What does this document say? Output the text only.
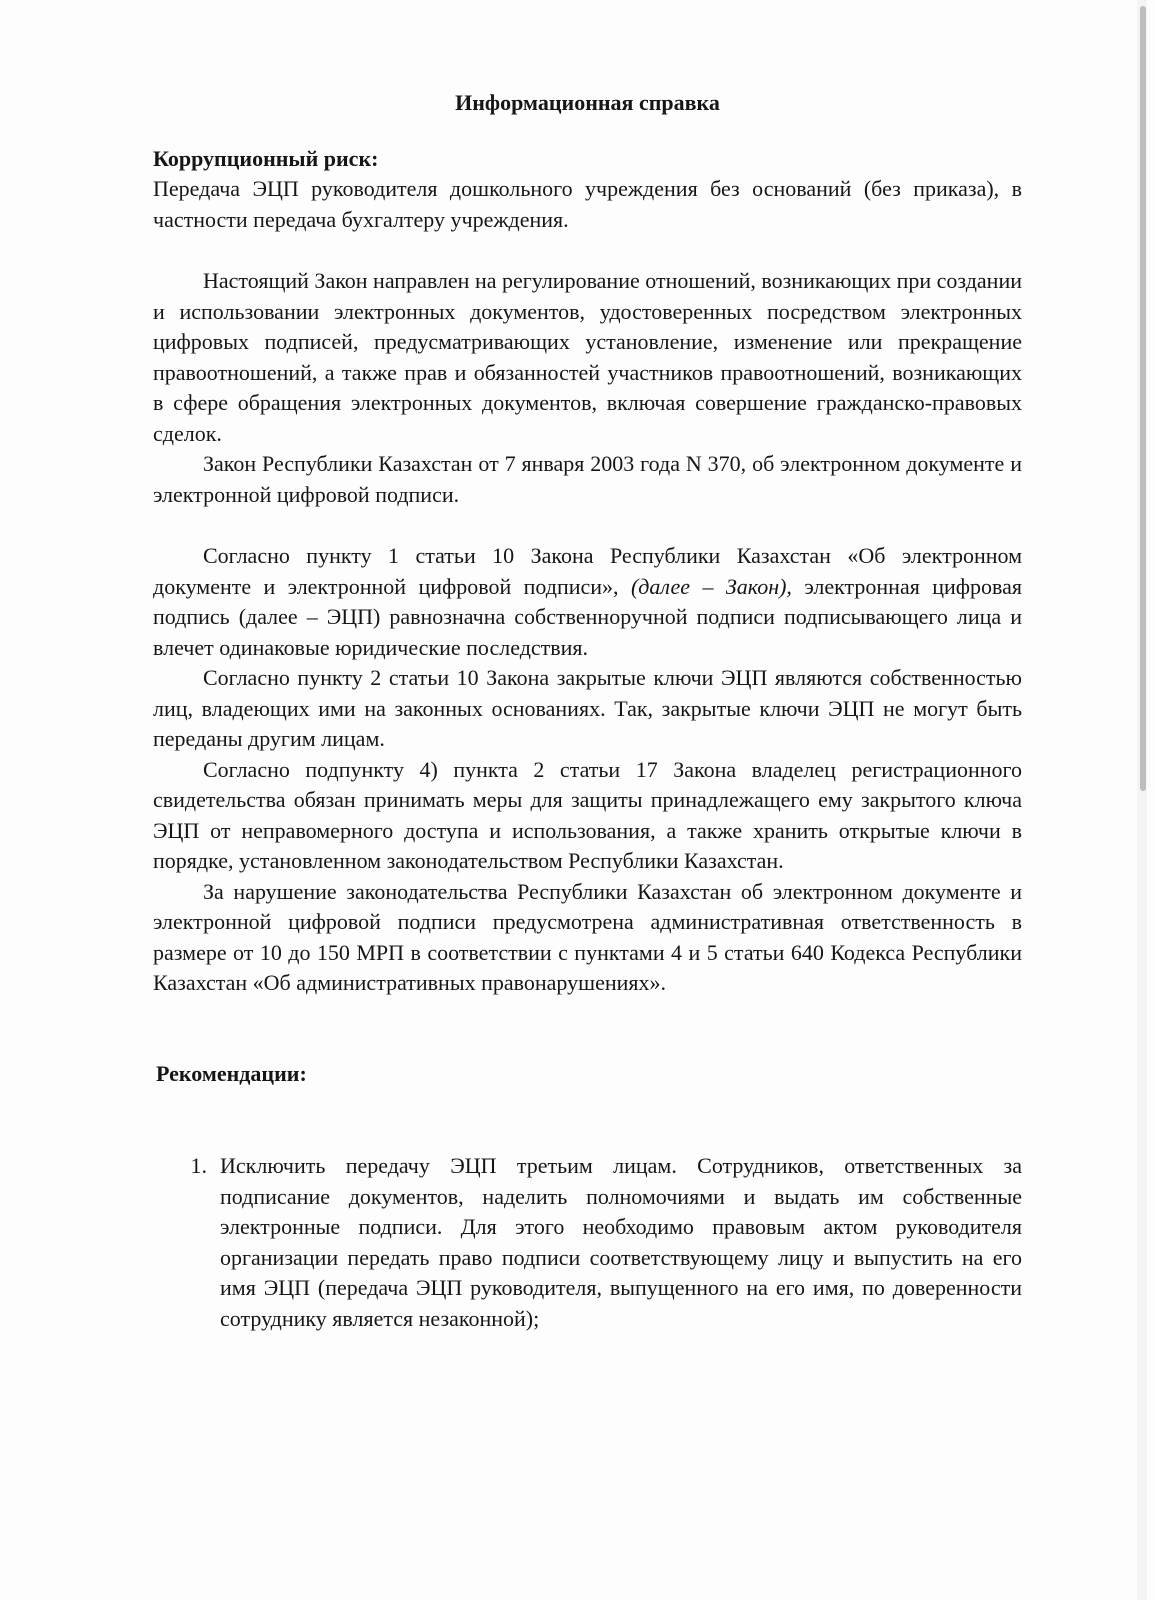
Информационная справка
Коррупционный риск:

Передача ЭЦП руководителя дошкольного учреждения без оснований (без приказа), в частности передача бухгалтеру учреждения.

Настоящий Закон направлен на регулирование отношений, возникающих при создании и использовании электронных документов, удостоверенных посредством электронных цифровых подписей, предусматривающих установление, изменение или прекращение правоотношений, а также прав и обязанностей участников правоотношений, возникающих в сфере обращения электронных документов, включая совершение гражданско-правовых сделок.

Закон Республики Казахстан от 7 января 2003 года N 370, об электронном документе и электронной цифровой подписи.

Согласно пункту 1 статьи 10 Закона Республики Казахстан «Об электронном документе и электронной цифровой подписи», (далее – Закон), электронная цифровая подпись (далее – ЭЦП) равнозначна собственноручной подписи подписывающего лица и влечет одинаковые юридические последствия.

Согласно пункту 2 статьи 10 Закона закрытые ключи ЭЦП являются собственностью лиц, владеющих ими на законных основаниях. Так, закрытые ключи ЭЦП не могут быть переданы другим лицам.

Согласно подпункту 4) пункта 2 статьи 17 Закона владелец регистрационного свидетельства обязан принимать меры для защиты принадлежащего ему закрытого ключа ЭЦП от неправомерного доступа и использования, а также хранить открытые ключи в порядке, установленном законодательством Республики Казахстан.

За нарушение законодательства Республики Казахстан об электронном документе и электронной цифровой подписи предусмотрена административная ответственность в размере от 10 до 150 МРП в соответствии с пунктами 4 и 5 статьи 640 Кодекса Республики Казахстан «Об административных правонарушениях».

Рекомендации:
1. Исключить передачу ЭЦП третьим лицам. Сотрудников, ответственных за подписание документов, наделить полномочиями и выдать им собственные электронные подписи. Для этого необходимо правовым актом руководителя организации передать право подписи соответствующему лицу и выпустить на его имя ЭЦП (передача ЭЦП руководителя, выпущенного на его имя, по доверенности сотруднику является незаконной);
